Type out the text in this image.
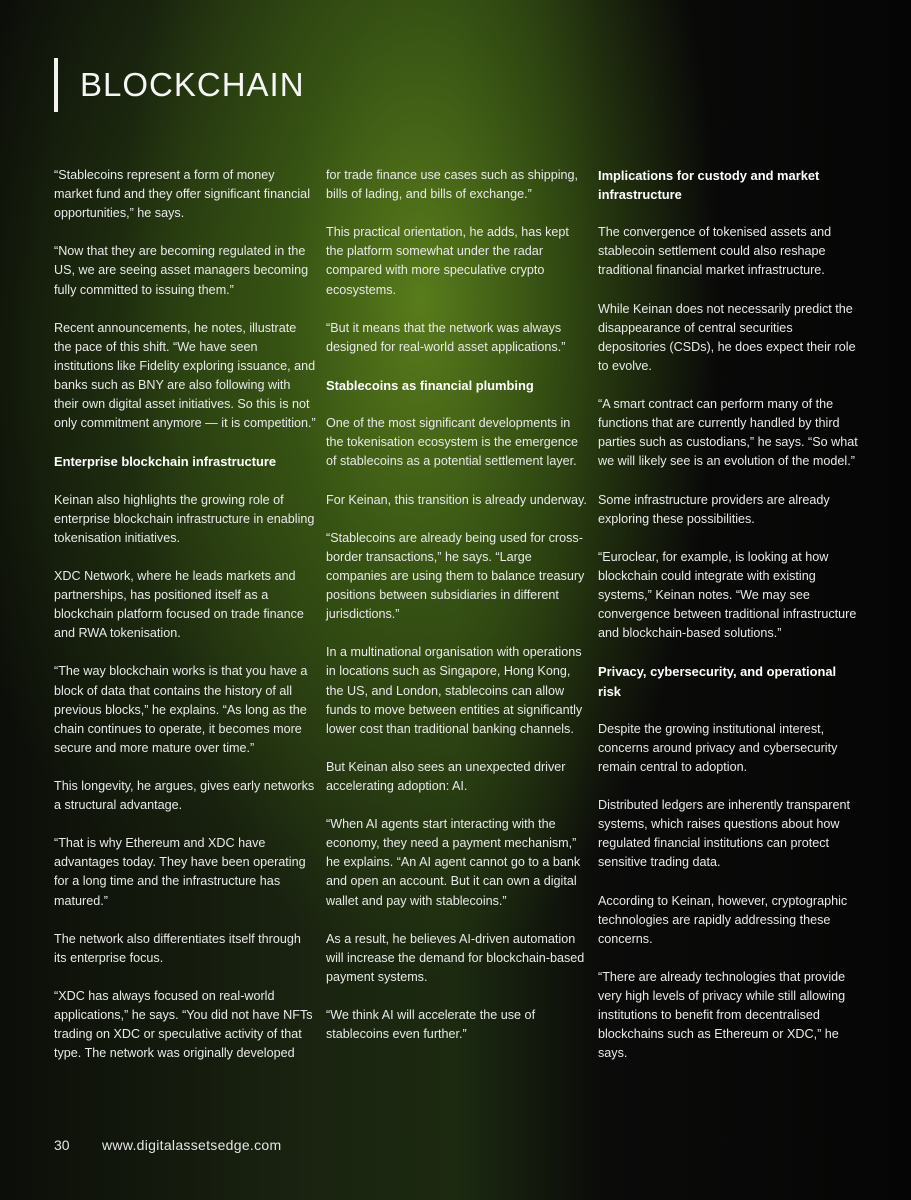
BLOCKCHAIN

“Stablecoins represent a form of money market fund and they offer significant financial opportunities,” he says.

“Now that they are becoming regulated in the US, we are seeing asset managers becoming fully committed to issuing them.”

Recent announcements, he notes, illustrate the pace of this shift. “We have seen institutions like Fidelity exploring issuance, and banks such as BNY are also following with their own digital asset initiatives. So this is not only commitment anymore — it is competition.”

Enterprise blockchain infrastructure

Keinan also highlights the growing role of enterprise blockchain infrastructure in enabling tokenisation initiatives.

XDC Network, where he leads markets and partnerships, has positioned itself as a blockchain platform focused on trade finance and RWA tokenisation.

“The way blockchain works is that you have a block of data that contains the history of all previous blocks,” he explains. “As long as the chain continues to operate, it becomes more secure and more mature over time.”

This longevity, he argues, gives early networks a structural advantage.

“That is why Ethereum and XDC have advantages today. They have been operating for a long time and the infrastructure has matured.”

The network also differentiates itself through its enterprise focus.

“XDC has always focused on real-world applications,” he says. “You did not have NFTs trading on XDC or speculative activity of that type. The network was originally developed

for trade finance use cases such as shipping, bills of lading, and bills of exchange.”

This practical orientation, he adds, has kept the platform somewhat under the radar compared with more speculative crypto ecosystems.

“But it means that the network was always designed for real-world asset applications.”

Stablecoins as financial plumbing

One of the most significant developments in the tokenisation ecosystem is the emergence of stablecoins as a potential settlement layer.

For Keinan, this transition is already underway.

“Stablecoins are already being used for cross-border transactions,” he says. “Large companies are using them to balance treasury positions between subsidiaries in different jurisdictions.”

In a multinational organisation with operations in locations such as Singapore, Hong Kong, the US, and London, stablecoins can allow funds to move between entities at significantly lower cost than traditional banking channels.

But Keinan also sees an unexpected driver accelerating adoption: AI.

“When AI agents start interacting with the economy, they need a payment mechanism,” he explains. “An AI agent cannot go to a bank and open an account. But it can own a digital wallet and pay with stablecoins.”

As a result, he believes AI-driven automation will increase the demand for blockchain-based payment systems.

“We think AI will accelerate the use of stablecoins even further.”

Implications for custody and market infrastructure

The convergence of tokenised assets and stablecoin settlement could also reshape traditional financial market infrastructure.

While Keinan does not necessarily predict the disappearance of central securities depositories (CSDs), he does expect their role to evolve.

“A smart contract can perform many of the functions that are currently handled by third parties such as custodians,” he says. “So what we will likely see is an evolution of the model.”

Some infrastructure providers are already exploring these possibilities.

“Euroclear, for example, is looking at how blockchain could integrate with existing systems,” Keinan notes. “We may see convergence between traditional infrastructure and blockchain-based solutions.”

Privacy, cybersecurity, and operational risk

Despite the growing institutional interest, concerns around privacy and cybersecurity remain central to adoption.

Distributed ledgers are inherently transparent systems, which raises questions about how regulated financial institutions can protect sensitive trading data.

According to Keinan, however, cryptographic technologies are rapidly addressing these concerns.

“There are already technologies that provide very high levels of privacy while still allowing institutions to benefit from decentralised blockchains such as Ethereum or XDC,” he says.

30	www.digitalassetsedge.com
